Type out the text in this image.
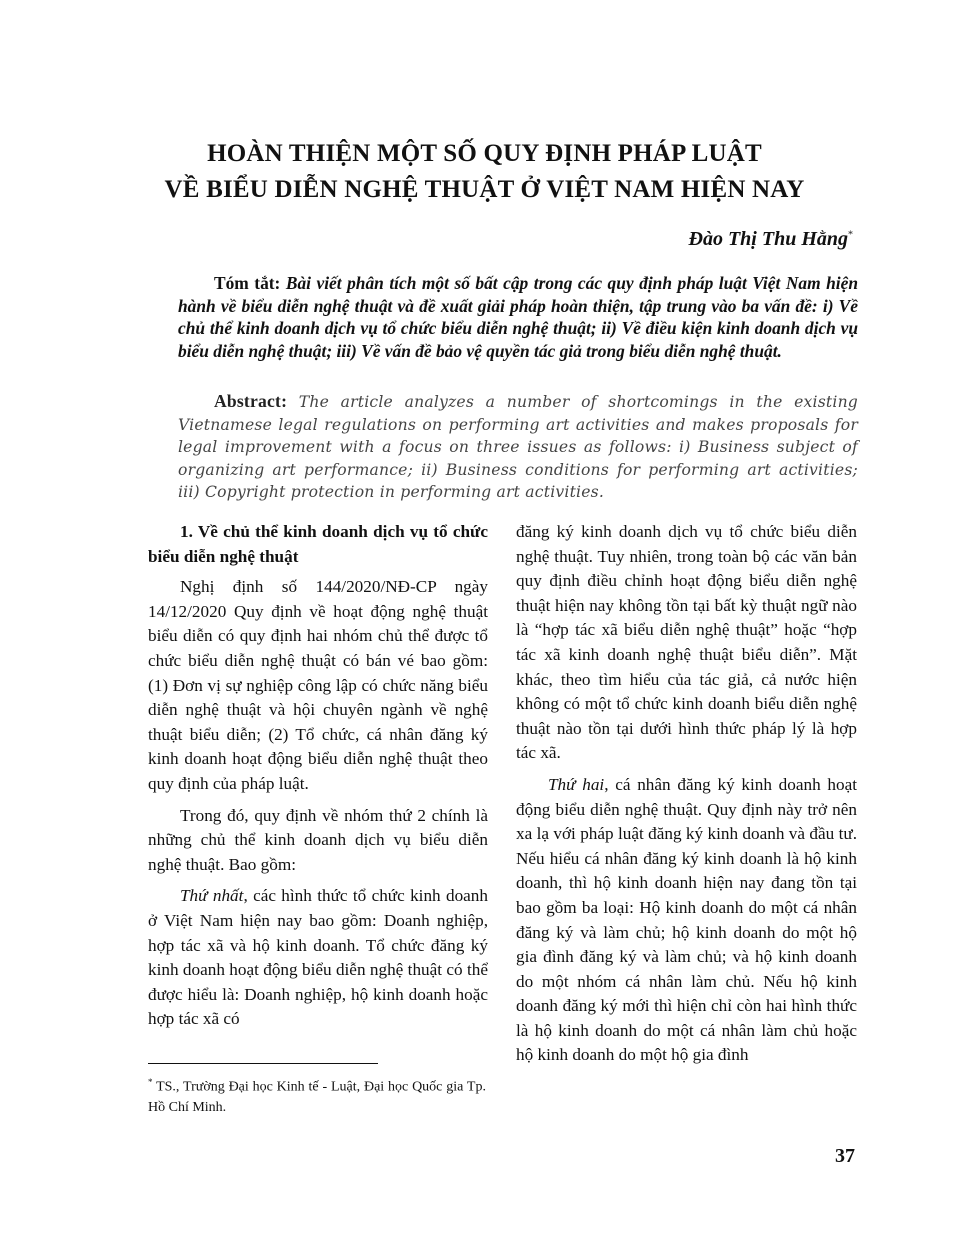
HOÀN THIỆN MỘT SỐ QUY ĐỊNH PHÁP LUẬT
VỀ BIỂU DIỄN NGHỆ THUẬT Ở VIỆT NAM HIỆN NAY
Đào Thị Thu Hằng*
Tóm tắt: Bài viết phân tích một số bất cập trong các quy định pháp luật Việt Nam hiện hành về biểu diễn nghệ thuật và đề xuất giải pháp hoàn thiện, tập trung vào ba vấn đề: i) Về chủ thể kinh doanh dịch vụ tổ chức biểu diễn nghệ thuật; ii) Về điều kiện kinh doanh dịch vụ biểu diễn nghệ thuật; iii) Về vấn đề bảo vệ quyền tác giả trong biểu diễn nghệ thuật.
Abstract: The article analyzes a number of shortcomings in the existing Vietnamese legal regulations on performing art activities and makes proposals for legal improvement with a focus on three issues as follows: i) Business subject of organizing art performance; ii) Business conditions for performing art activities; iii) Copyright protection in performing art activities.
1. Về chủ thể kinh doanh dịch vụ tổ chức biểu diễn nghệ thuật

Nghị định số 144/2020/NĐ-CP ngày 14/12/2020 Quy định về hoạt động nghệ thuật biểu diễn có quy định hai nhóm chủ thể được tổ chức biểu diễn nghệ thuật có bán vé bao gồm: (1) Đơn vị sự nghiệp công lập có chức năng biểu diễn nghệ thuật và hội chuyên ngành về nghệ thuật biểu diễn; (2) Tổ chức, cá nhân đăng ký kinh doanh hoạt động biểu diễn nghệ thuật theo quy định của pháp luật.

Trong đó, quy định về nhóm thứ 2 chính là những chủ thể kinh doanh dịch vụ biểu diễn nghệ thuật. Bao gồm:

Thứ nhất, các hình thức tổ chức kinh doanh ở Việt Nam hiện nay bao gồm: Doanh nghiệp, hợp tác xã và hộ kinh doanh. Tổ chức đăng ký kinh doanh hoạt động biểu diễn nghệ thuật có thể được hiểu là: Doanh nghiệp, hộ kinh doanh hoặc hợp tác xã có

đăng ký kinh doanh dịch vụ tổ chức biểu diễn nghệ thuật. Tuy nhiên, trong toàn bộ các văn bản quy định điều chỉnh hoạt động biểu diễn nghệ thuật hiện nay không tồn tại bất kỳ thuật ngữ nào là “hợp tác xã biểu diễn nghệ thuật” hoặc “hợp tác xã kinh doanh nghệ thuật biểu diễn”. Mặt khác, theo tìm hiểu của tác giả, cả nước hiện không có một tổ chức kinh doanh biểu diễn nghệ thuật nào tồn tại dưới hình thức pháp lý là hợp tác xã.

Thứ hai, cá nhân đăng ký kinh doanh hoạt động biểu diễn nghệ thuật. Quy định này trở nên xa lạ với pháp luật đăng ký kinh doanh và đầu tư. Nếu hiểu cá nhân đăng ký kinh doanh là hộ kinh doanh, thì hộ kinh doanh hiện nay đang tồn tại bao gồm ba loại: Hộ kinh doanh do một cá nhân đăng ký và làm chủ; hộ kinh doanh do một hộ gia đình đăng ký và làm chủ; và hộ kinh doanh do một nhóm cá nhân làm chủ. Nếu hộ kinh doanh đăng ký mới thì hiện chỉ còn hai hình thức là hộ kinh doanh do một cá nhân làm chủ hoặc hộ kinh doanh do một hộ gia đình

* TS., Trường Đại học Kinh tế - Luật, Đại học Quốc gia Tp. Hồ Chí Minh.
37
